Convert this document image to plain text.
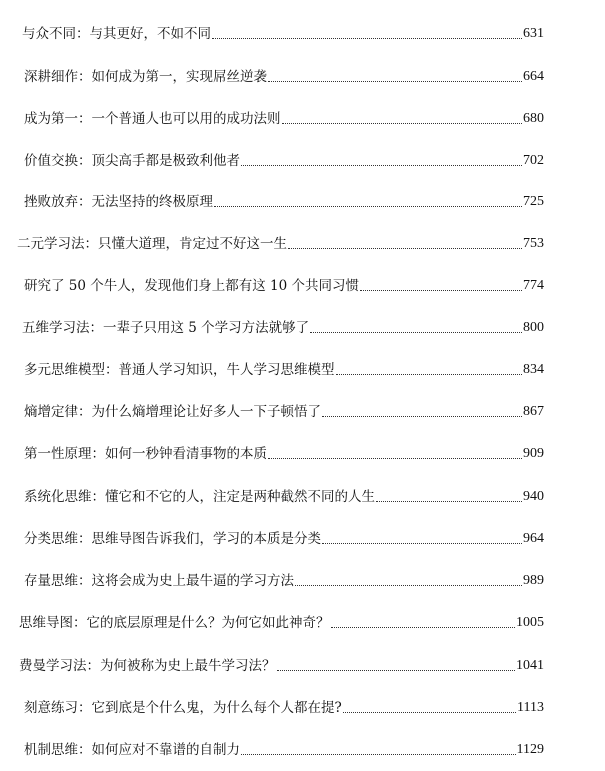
与众不同：与其更好，不如不同	631
深耕细作：如何成为第一，实现屌丝逆袭	664
成为第一：一个普通人也可以用的成功法则	680
价值交换：顶尖高手都是极致利他者	702
挫败放弃：无法坚持的终极原理	725
二元学习法：只懂大道理，肯定过不好这一生	753
研究了 50 个牛人，发现他们身上都有这 10 个共同习惯	774
五维学习法：一辈子只用这 5 个学习方法就够了	800
多元思维模型：普通人学习知识，牛人学习思维模型	834
熵增定律：为什么熵增理论让好多人一下子顿悟了	867
第一性原理：如何一秒钟看清事物的本质	909
系统化思维：懂它和不它的人，注定是两种截然不同的人生	940
分类思维：思维导图告诉我们，学习的本质是分类	964
存量思维：这将会成为史上最牛逼的学习方法	989
思维导图：它的底层原理是什么？为何它如此神奇？	1005
费曼学习法：为何被称为史上最牛学习法？	1041
刻意练习：它到底是个什么鬼，为什么每个人都在提?	1113
机制思维：如何应对不靠谱的自制力	1129
